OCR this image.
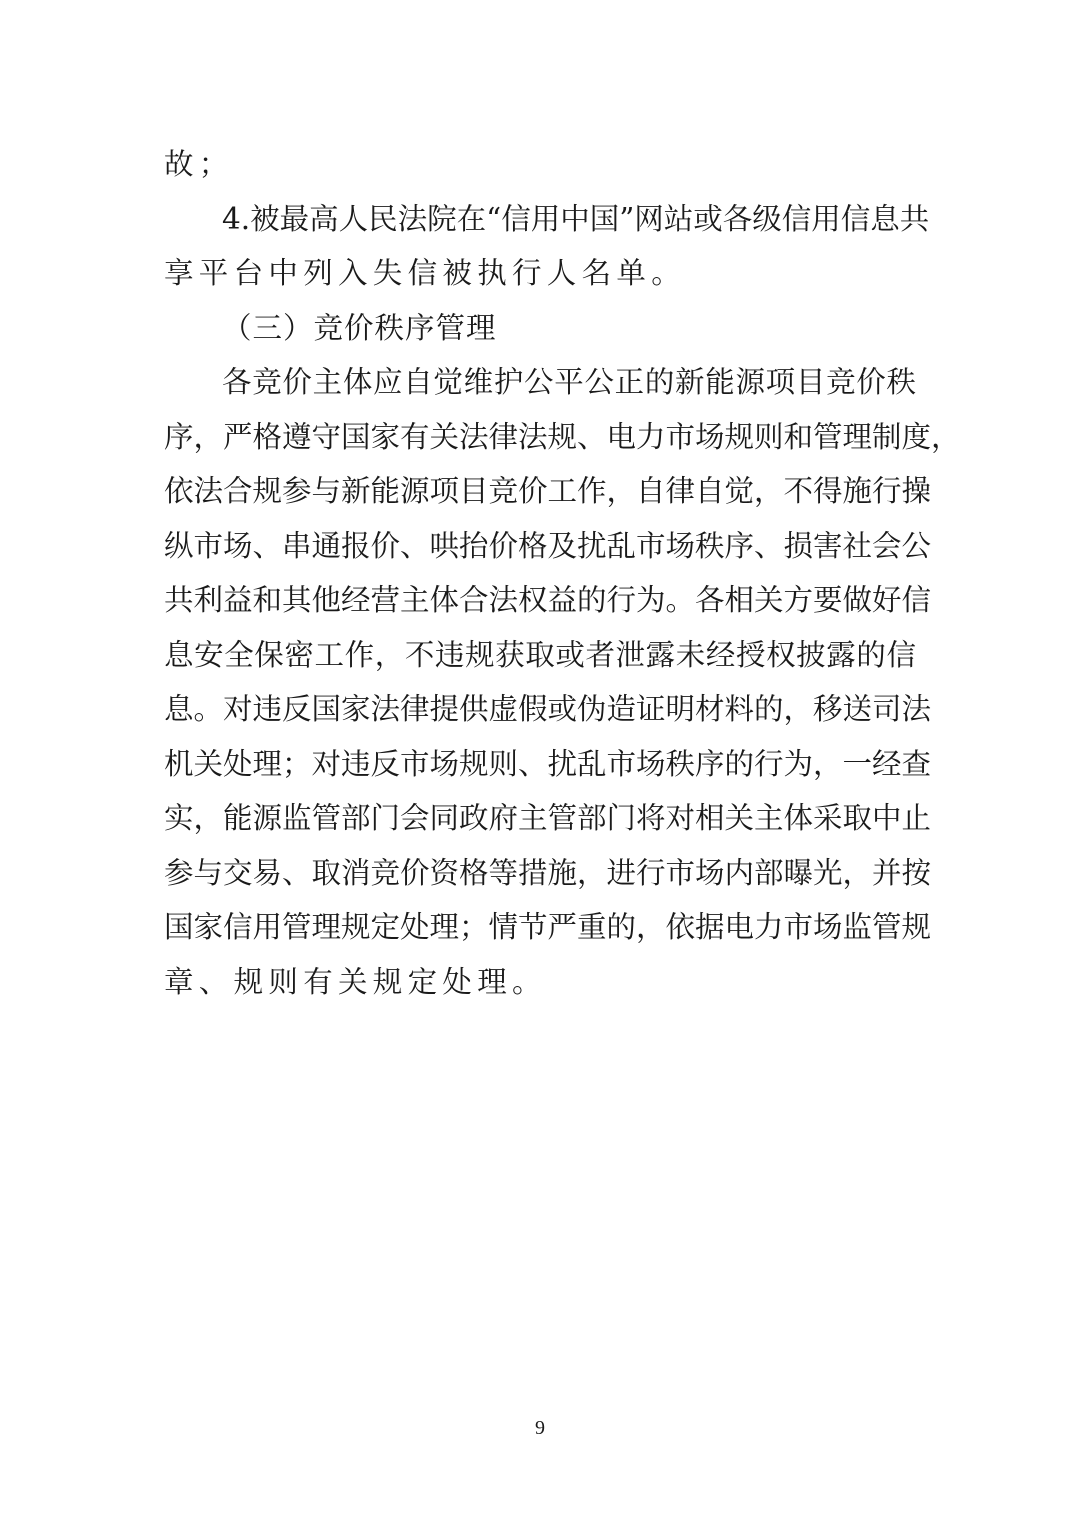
故；
4.被最高人民法院在“信用中国”网站或各级信用信息共
享平台中列入失信被执行人名单。
（三）竞价秩序管理
各竞价主体应自觉维护公平公正的新能源项目竞价秩
序，严格遵守国家有关法律法规、电力市场规则和管理制度，
依法合规参与新能源项目竞价工作，自律自觉，不得施行操
纵市场、串通报价、哄抬价格及扰乱市场秩序、损害社会公
共利益和其他经营主体合法权益的行为。各相关方要做好信
息安全保密工作，不违规获取或者泄露未经授权披露的信
息。对违反国家法律提供虚假或伪造证明材料的，移送司法
机关处理；对违反市场规则、扰乱市场秩序的行为，一经查
实，能源监管部门会同政府主管部门将对相关主体采取中止
参与交易、取消竞价资格等措施，进行市场内部曝光，并按
国家信用管理规定处理；情节严重的，依据电力市场监管规
章、规则有关规定处理。
9
